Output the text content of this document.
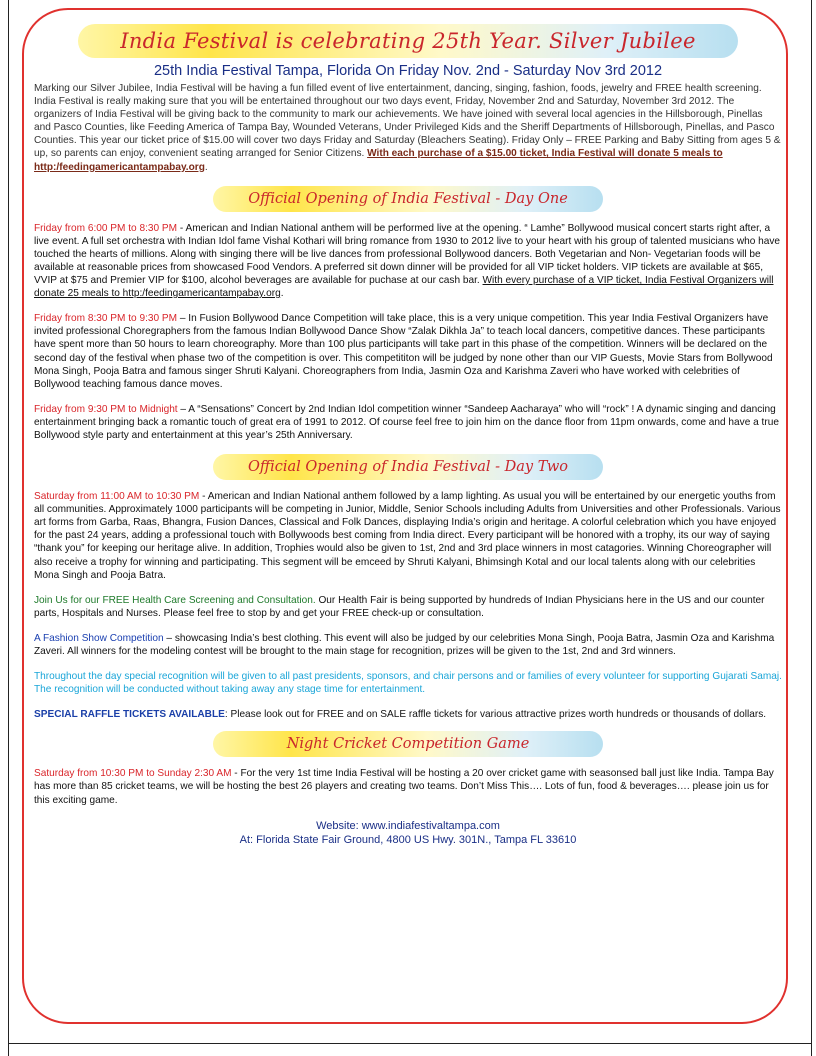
India Festival is celebrating 25th Year. Silver Jubilee
25th India Festival Tampa, Florida On Friday Nov. 2nd - Saturday Nov 3rd 2012

Marking our Silver Jubilee, India Festival will be having a fun filled event of live entertainment, dancing, singing, fashion, foods, jewelry and FREE health screening. India Festival is really making sure that you will be entertained throughout our two days event, Friday, November 2nd and Saturday, November 3rd 2012. The organizers of India Festival will be giving back to the community to mark our achievements. We have joined with several local agencies in the Hillsborough, Pinellas and Pasco Counties, like Feeding America of Tampa Bay, Wounded Veterans, Under Privileged Kids and the Sheriff Departments of Hillsborough, Pinellas, and Pasco Counties. This year our ticket price of $15.00 will cover two days Friday and Saturday (Bleachers Seating). Friday Only – FREE Parking and Baby Sitting from ages 5 & up, so parents can enjoy, convenient seating arranged for Senior Citizens. With each purchase of a $15.00 ticket, India Festival will donate 5 meals to http:/feedingamericantampabay.org.

Official Opening of India Festival - Day One

Friday from 6:00 PM to 8:30 PM - American and Indian National anthem will be performed live at the opening. “ Lamhe” Bollywood musical concert starts right after, a live event. A full set orchestra with Indian Idol fame Vishal Kothari will bring romance from 1930 to 2012 live to your heart with his group of talented musicians who have touched the hearts of millions. Along with singing there will be live dances from professional Bollywood dancers. Both Vegetarian and Non- Vegetarian foods will be available at reasonable prices from showcased Food Vendors. A preferred sit down dinner will be provided for all VIP ticket holders. VIP tickets are available at $65, VVIP at $75 and Premier VIP for $100, alcohol beverages are available for puchase at our cash bar. With every purchase of a VIP ticket, India Festival Organizers will donate 25 meals to http:/feedingamericantampabay.org.

Friday from 8:30 PM to 9:30 PM – In Fusion Bollywood Dance Competition will take place, this is a very unique competition. This year India Festival Organizers have invited professional Choregraphers from the famous Indian Bollywood Dance Show “Zalak Dikhla Ja” to teach local dancers, competitive dances. These participants have spent more than 50 hours to learn choreography. More than 100 plus participants will take part in this phase of the competition. Winners will be declared on the second day of the festival when phase two of the competition is over. This competititon will be judged by none other than our VIP Guests, Movie Stars from Bollywood Mona Singh, Pooja Batra and famous singer Shruti Kalyani. Choreographers from India, Jasmin Oza and Karishma Zaveri who have worked with celebrities of Bollywood teaching famous dance moves.

Friday from 9:30 PM to Midnight – A “Sensations” Concert by 2nd Indian Idol competition winner “Sandeep Aacharaya” who will “rock” ! A dynamic singing and dancing entertainment bringing back a romantic touch of great era of 1991 to 2012. Of course feel free to join him on the dance floor from 11pm onwards, come and have a true Bollywood style party and entertainment at this year’s 25th Anniversary.

Official Opening of India Festival - Day Two

Saturday from 11:00 AM to 10:30 PM - American and Indian National anthem followed by a lamp lighting. As usual you will be entertained by our energetic youths from all communities. Approximately 1000 participants will be competing in Junior, Middle, Senior Schools including Adults from Universities and other Professionals. Various art forms from Garba, Raas, Bhangra, Fusion Dances, Classical and Folk Dances, displaying India’s origin and heritage. A colorful celebration which you have enjoyed for the past 24 years, adding a professional touch with Bollywoods best coming from India direct. Every participant will be honored with a trophy, its our way of saying “thank you” for keeping our heritage alive. In addition, Trophies would also be given to 1st, 2nd and 3rd place winners in most catagories. Winning Choreographer will also receive a trophy for winning and participating. This segment will be emceed by Shruti Kalyani, Bhimsingh Kotal and our local talents along with our celebrities Mona Singh and Pooja Batra.

Join Us for our FREE Health Care Screening and Consultation. Our Health Fair is being supported by hundreds of Indian Physicians here in the US and our counter parts, Hospitals and Nurses. Please feel free to stop by and get your FREE check-up or consultation.

A Fashion Show Competition – showcasing India’s best clothing. This event will also be judged by our celebrities Mona Singh, Pooja Batra, Jasmin Oza and Karishma Zaveri. All winners for the modeling contest will be brought to the main stage for recognition, prizes will be given to the 1st, 2nd and 3rd winners.

Throughout the day special recognition will be given to all past presidents, sponsors, and chair persons and or families of every volunteer for supporting Gujarati Samaj. The recognition will be conducted without taking away any stage time for entertainment.

SPECIAL RAFFLE TICKETS AVAILABLE: Please look out for FREE and on SALE raffle tickets for various attractive prizes worth hundreds or thousands of dollars.

Night Cricket Competition Game

Saturday from 10:30 PM to Sunday 2:30 AM - For the very 1st time India Festival will be hosting a 20 over cricket game with seasonsed ball just like India. Tampa Bay has more than 85 cricket teams, we will be hosting the best 26 players and creating two teams. Don’t Miss This…. Lots of fun, food & beverages…. please join us for this exciting game.

Website: www.indiafestivaltampa.com
At: Florida State Fair Ground, 4800 US Hwy. 301N., Tampa FL 33610
